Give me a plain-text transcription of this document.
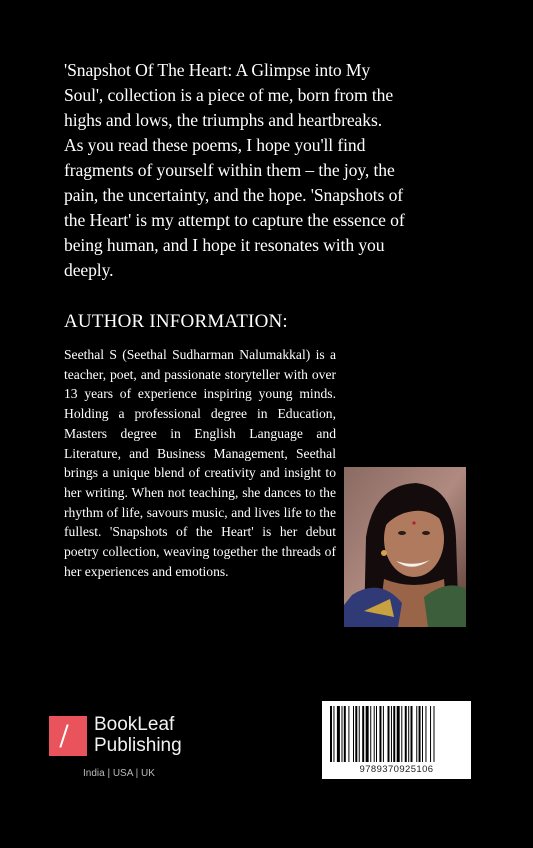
'Snapshot Of The Heart: A Glimpse into My
Soul', collection is a piece of me, born from the
highs and lows, the triumphs and heartbreaks.
As you read these poems, I hope you'll find
fragments of yourself within them – the joy, the
pain, the uncertainty, and the hope. 'Snapshots of
the Heart' is my attempt to capture the essence of
being human, and I hope it resonates with you
deeply.
AUTHOR INFORMATION:
Seethal S (Seethal Sudharman Nalumakkal) is a teacher, poet, and passionate storyteller with over 13 years of experience inspiring young minds. Holding a professional degree in Education, Masters degree in English Language and Literature, and Business Management, Seethal brings a unique blend of creativity and insight to her writing. When not teaching, she dances to the rhythm of life, savours music, and lives life to the fullest. 'Snapshots of the Heart' is her debut poetry collection, weaving together the threads of her experiences and emotions.
BookLeaf
Publishing
India | USA | UK	9789370925106
